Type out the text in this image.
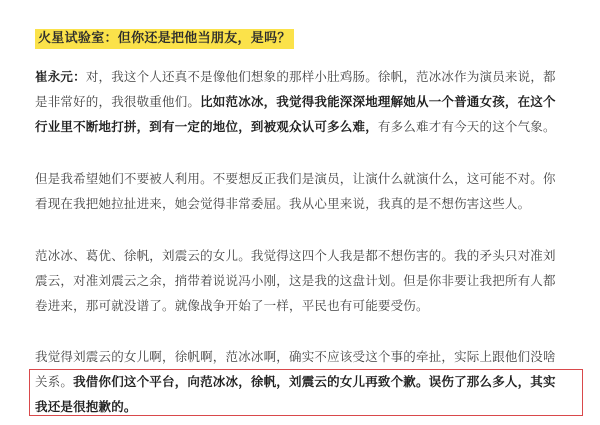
火星试验室：但你还是把他当朋友，是吗？

崔永元：对，我这个人还真不是像他们想象的那样小肚鸡肠。徐帆，范冰冰作为演员来说，都
是非常好的，我很敬重他们。比如范冰冰，我觉得我能深深地理解她从一个普通女孩，在这个
行业里不断地打拼，到有一定的地位，到被观众认可多么难，有多么难才有今天的这个气象。

但是我希望她们不要被人利用。不要想反正我们是演员，让演什么就演什么，这可能不对。你
看现在我把她拉扯进来，她会觉得非常委屈。我从心里来说，我真的是不想伤害这些人。

范冰冰、葛优、徐帆，刘震云的女儿。我觉得这四个人我是都不想伤害的。我的矛头只对准刘
震云，对准刘震云之余，捎带着说说冯小刚，这是我的这盘计划。但是你非要让我把所有人都
卷进来，那可就没谱了。就像战争开始了一样，平民也有可能要受伤。

我觉得刘震云的女儿啊，徐帆啊，范冰冰啊，确实不应该受这个事的牵扯，实际上跟他们没啥
关系。我借你们这个平台，向范冰冰，徐帆，刘震云的女儿再致个歉。误伤了那么多人，其实
我还是很抱歉的。
